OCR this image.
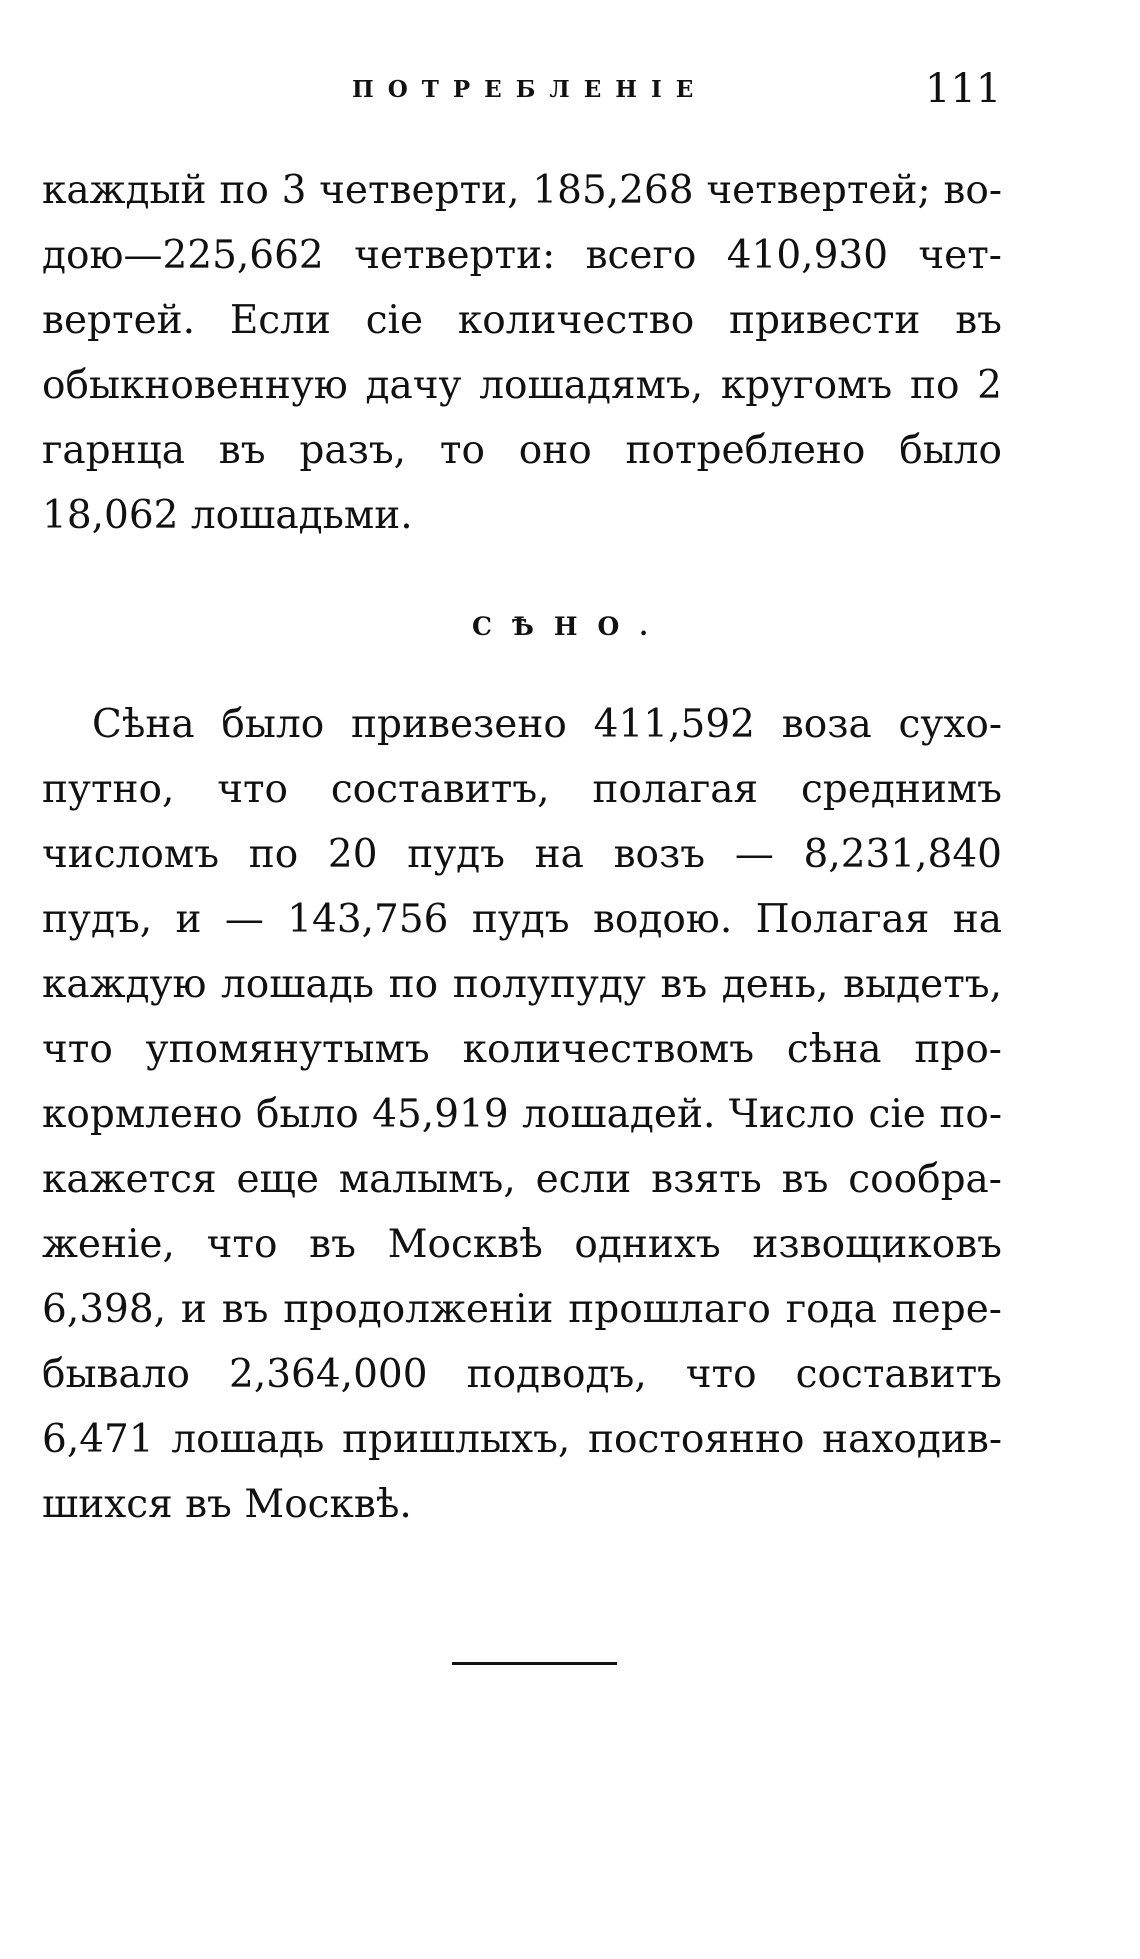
ПОТРЕБЛЕНІЕ	111
каждый по 3 четверти, 185,268 четвертей; во-
дою—225,662 четверти: всего 410,930 чет-
вертей. Если сіе количество привести въ
обыкновенную дачу лошадямъ, кругомъ по 2
гарнца въ разъ, то оно потреблено было
18,062 лошадьми.
СѢНО.
Сѣна было привезено 411,592 воза сухо-
путно, что составитъ, полагая среднимъ
числомъ по 20 пудъ на возъ — 8,231,840
пудъ, и — 143,756 пудъ водою. Полагая на
каждую лошадь по полупуду въ день, выдетъ,
что упомянутымъ количествомъ сѣна про-
кормлено было 45,919 лошадей. Число сіе по-
кажется еще малымъ, если взять въ сообра-
женіе, что въ Москвѣ однихъ извощиковъ
6,398, и въ продолженіи прошлаго года пере-
бывало 2,364,000 подводъ, что составитъ
6,471 лошадь пришлыхъ, постоянно находив-
шихся въ Москвѣ.
